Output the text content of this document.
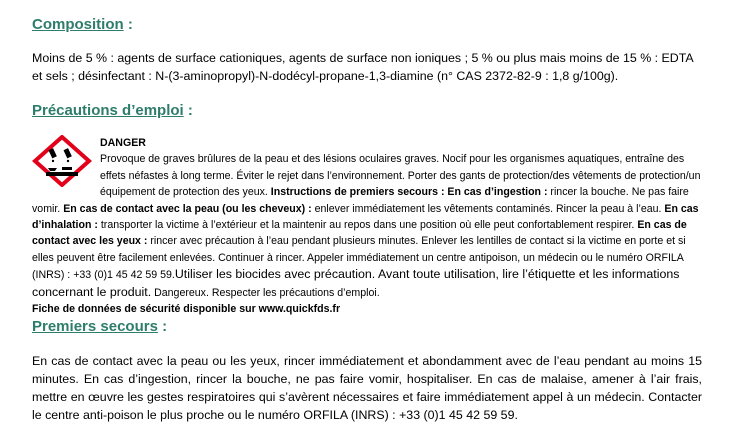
Composition :

Moins de 5 % : agents de surface cationiques, agents de surface non ioniques ; 5 % ou plus mais moins de 15 % : EDTA et sels ; désinfectant : N-(3-aminopropyl)-N-dodécyl-propane-1,3-diamine (n° CAS 2372-82-9 : 1,8 g/100g).

Précautions d’emploi :
DANGER
Provoque de graves brûlures de la peau et des lésions oculaires graves. Nocif pour les organismes aquatiques, entraîne des effets néfastes à long terme. Éviter le rejet dans l’environnement. Porter des gants de protection/des vêtements de protection/un équipement de protection des yeux. Instructions de premiers secours : En cas d’ingestion : rincer la bouche. Ne pas faire vomir. En cas de contact avec la peau (ou les cheveux) : enlever immédiatement les vêtements contaminés. Rincer la peau à l’eau. En cas d’inhalation : transporter la victime à l’extérieur et la maintenir au repos dans une position où elle peut confortablement respirer. En cas de contact avec les yeux : rincer avec précaution à l’eau pendant plusieurs minutes. Enlever les lentilles de contact si la victime en porte et si elles peuvent être facilement enlevées. Continuer à rincer. Appeler immédiatement un centre antipoison, un médecin ou le numéro ORFILA (INRS) : +33 (0)1 45 42 59 59.Utiliser les biocides avec précaution. Avant toute utilisation, lire l’étiquette et les informations concernant le produit. Dangereux. Respecter les précautions d’emploi.
Fiche de données de sécurité disponible sur www.quickfds.fr
Premiers secours :

En cas de contact avec la peau ou les yeux, rincer immédiatement et abondamment avec de l’eau pendant au moins 15 minutes. En cas d’ingestion, rincer la bouche, ne pas faire vomir, hospitaliser. En cas de malaise, amener à l’air frais, mettre en œuvre les gestes respiratoires qui s’avèrent nécessaires et faire immédiatement appel à un médecin. Contacter le centre anti-poison le plus proche ou le numéro ORFILA (INRS) : +33 (0)1 45 42 59 59.
